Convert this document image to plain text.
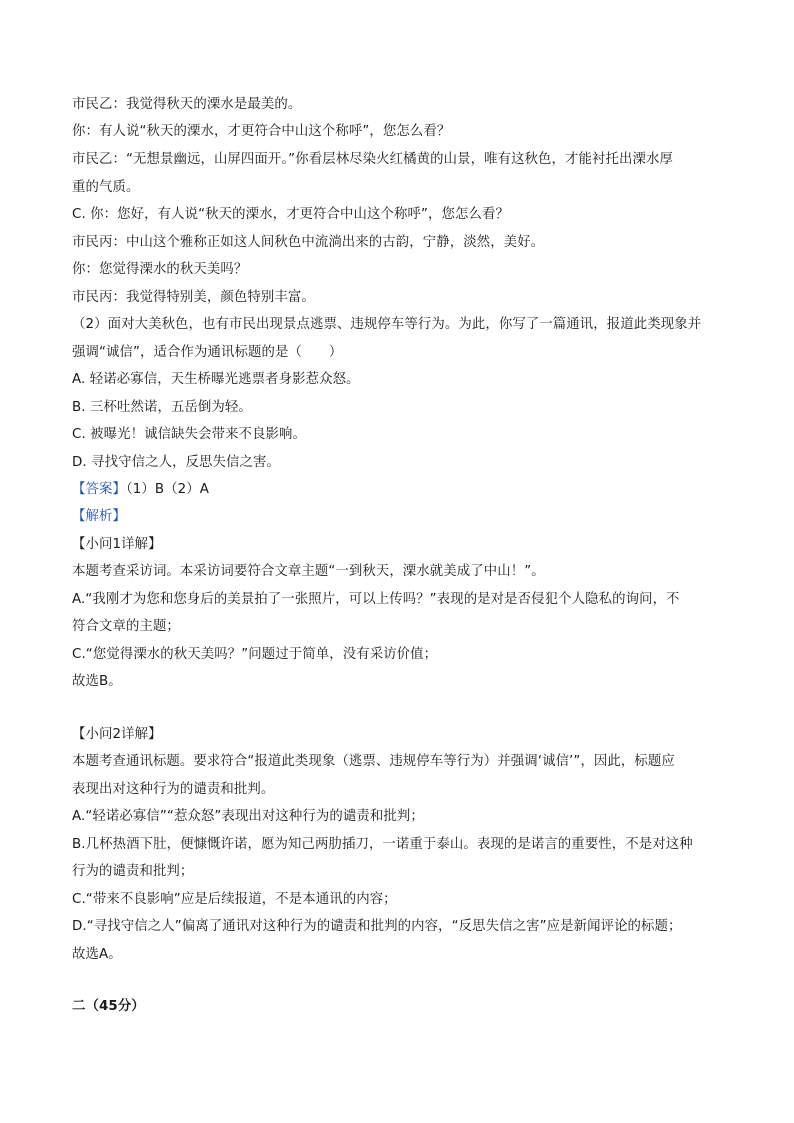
市民乙：我觉得秋天的溧水是最美的。
你：有人说“秋天的溧水，才更符合中山这个称呼”，您怎么看？
市民乙：“无想景幽远，山屏四面开。”你看层林尽染火红橘黄的山景，唯有这秋色，才能衬托出溧水厚
重的气质。
C. 你：您好，有人说“秋天的溧水，才更符合中山这个称呼”，您怎么看？
市民丙：中山这个雅称正如这人间秋色中流淌出来的古韵，宁静，淡然，美好。
你：您觉得溧水的秋天美吗？
市民丙：我觉得特别美，颜色特别丰富。
（2）面对大美秋色，也有市民出现景点逃票、违规停车等行为。为此，你写了一篇通讯，报道此类现象并
强调“诚信”，适合作为通讯标题的是（　　）
A. 轻诺必寡信，天生桥曝光逃票者身影惹众怒。
B. 三杯吐然诺，五岳倒为轻。
C. 被曝光！诚信缺失会带来不良影响。
D. 寻找守信之人，反思失信之害。
【答案】（1）B（2）A
【解析】
【小问1详解】
本题考查采访词。本采访词要符合文章主题“一到秋天，溧水就美成了中山！”。
A.“我刚才为您和您身后的美景拍了一张照片，可以上传吗？”表现的是对是否侵犯个人隐私的询问，不
符合文章的主题；
C.“您觉得溧水的秋天美吗？”问题过于简单，没有采访价值；
故选B。
【小问2详解】
本题考查通讯标题。要求符合“报道此类现象（逃票、违规停车等行为）并强调‘诚信’”，因此，标题应
表现出对这种行为的谴责和批判。
A.“轻诺必寡信”“惹众怒”表现出对这种行为的谴责和批判；
B.几杯热酒下肚，便慷慨许诺，愿为知己两肋插刀，一诺重于泰山。表现的是诺言的重要性，不是对这种
行为的谴责和批判；
C.“带来不良影响”应是后续报道，不是本通讯的内容；
D.“寻找守信之人”偏离了通讯对这种行为的谴责和批判的内容，“反思失信之害”应是新闻评论的标题；
故选A。
二（45分）
